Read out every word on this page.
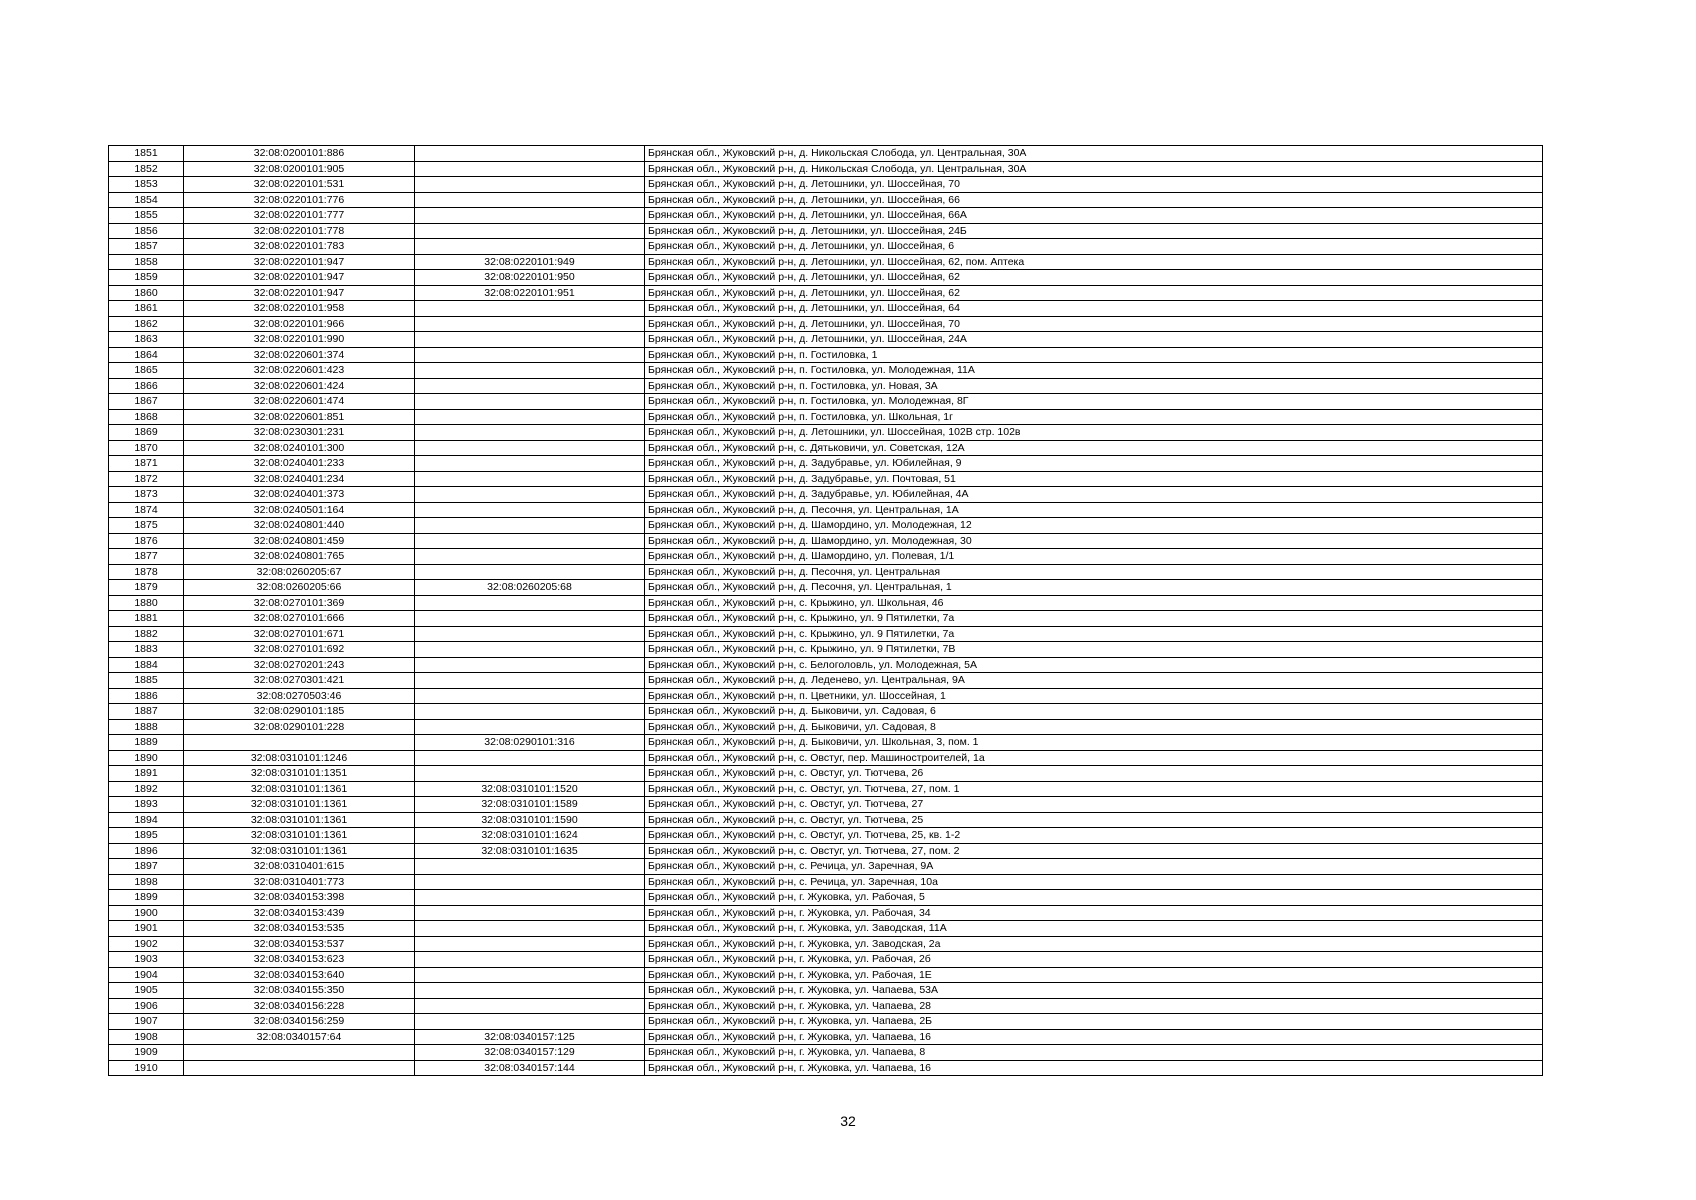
1851	32:08:0200101:886		Брянская обл., Жуковский р-н, д. Никольская Слобода, ул. Центральная, 30А
1852	32:08:0200101:905		Брянская обл., Жуковский р-н, д. Никольская Слобода, ул. Центральная, 30А
1853	32:08:0220101:531		Брянская обл., Жуковский р-н, д. Летошники, ул. Шоссейная, 70
1854	32:08:0220101:776		Брянская обл., Жуковский р-н, д. Летошники, ул. Шоссейная, 66
1855	32:08:0220101:777		Брянская обл., Жуковский р-н, д. Летошники, ул. Шоссейная, 66А
1856	32:08:0220101:778		Брянская обл., Жуковский р-н, д. Летошники, ул. Шоссейная, 24Б
1857	32:08:0220101:783		Брянская обл., Жуковский р-н, д. Летошники, ул. Шоссейная, 6
1858	32:08:0220101:947	32:08:0220101:949	Брянская обл., Жуковский р-н, д. Летошники, ул. Шоссейная, 62, пом. Аптека
1859	32:08:0220101:947	32:08:0220101:950	Брянская обл., Жуковский р-н, д. Летошники, ул. Шоссейная, 62
1860	32:08:0220101:947	32:08:0220101:951	Брянская обл., Жуковский р-н, д. Летошники, ул. Шоссейная, 62
1861	32:08:0220101:958		Брянская обл., Жуковский р-н, д. Летошники, ул. Шоссейная, 64
1862	32:08:0220101:966		Брянская обл., Жуковский р-н, д. Летошники, ул. Шоссейная, 70
1863	32:08:0220101:990		Брянская обл., Жуковский р-н, д. Летошники, ул. Шоссейная, 24А
1864	32:08:0220601:374		Брянская обл., Жуковский р-н, п. Гостиловка, 1
1865	32:08:0220601:423		Брянская обл., Жуковский р-н, п. Гостиловка, ул. Молодежная, 11А
1866	32:08:0220601:424		Брянская обл., Жуковский р-н, п. Гостиловка, ул. Новая, 3А
1867	32:08:0220601:474		Брянская обл., Жуковский р-н, п. Гостиловка, ул. Молодежная, 8Г
1868	32:08:0220601:851		Брянская обл., Жуковский р-н, п. Гостиловка, ул. Школьная, 1г
1869	32:08:0230301:231		Брянская обл., Жуковский р-н, д. Летошники, ул. Шоссейная, 102В стр. 102в
1870	32:08:0240101:300		Брянская обл., Жуковский р-н, с. Дятьковичи, ул. Советская, 12А
1871	32:08:0240401:233		Брянская обл., Жуковский р-н, д. Задубравье, ул. Юбилейная, 9
1872	32:08:0240401:234		Брянская обл., Жуковский р-н, д. Задубравье, ул. Почтовая, 51
1873	32:08:0240401:373		Брянская обл., Жуковский р-н, д. Задубравье, ул. Юбилейная, 4А
1874	32:08:0240501:164		Брянская обл., Жуковский р-н, д. Песочня, ул. Центральная, 1А
1875	32:08:0240801:440		Брянская обл., Жуковский р-н, д. Шамордино, ул. Молодежная, 12
1876	32:08:0240801:459		Брянская обл., Жуковский р-н, д. Шамордино, ул. Молодежная, 30
1877	32:08:0240801:765		Брянская обл., Жуковский р-н, д. Шамордино, ул. Полевая, 1/1
1878	32:08:0260205:67		Брянская обл., Жуковский р-н, д. Песочня, ул. Центральная
1879	32:08:0260205:66	32:08:0260205:68	Брянская обл., Жуковский р-н, д. Песочня, ул. Центральная, 1
1880	32:08:0270101:369		Брянская обл., Жуковский р-н, с. Крыжино, ул. Школьная, 46
1881	32:08:0270101:666		Брянская обл., Жуковский р-н, с. Крыжино, ул. 9 Пятилетки, 7а
1882	32:08:0270101:671		Брянская обл., Жуковский р-н, с. Крыжино, ул. 9 Пятилетки, 7а
1883	32:08:0270101:692		Брянская обл., Жуковский р-н, с. Крыжино, ул. 9 Пятилетки, 7В
1884	32:08:0270201:243		Брянская обл., Жуковский р-н, с. Белоголовль, ул. Молодежная, 5А
1885	32:08:0270301:421		Брянская обл., Жуковский р-н, д. Леденево, ул. Центральная, 9А
1886	32:08:0270503:46		Брянская обл., Жуковский р-н, п. Цветники, ул. Шоссейная, 1
1887	32:08:0290101:185		Брянская обл., Жуковский р-н, д. Быковичи, ул. Садовая, 6
1888	32:08:0290101:228		Брянская обл., Жуковский р-н, д. Быковичи, ул. Садовая, 8
1889		32:08:0290101:316	Брянская обл., Жуковский р-н, д. Быковичи, ул. Школьная, 3, пом. 1
1890	32:08:0310101:1246		Брянская обл., Жуковский р-н, с. Овстуг, пер. Машиностроителей, 1а
1891	32:08:0310101:1351		Брянская обл., Жуковский р-н, с. Овстуг, ул. Тютчева, 26
1892	32:08:0310101:1361	32:08:0310101:1520	Брянская обл., Жуковский р-н, с. Овстуг, ул. Тютчева, 27, пом. 1
1893	32:08:0310101:1361	32:08:0310101:1589	Брянская обл., Жуковский р-н, с. Овстуг, ул. Тютчева, 27
1894	32:08:0310101:1361	32:08:0310101:1590	Брянская обл., Жуковский р-н, с. Овстуг, ул. Тютчева, 25
1895	32:08:0310101:1361	32:08:0310101:1624	Брянская обл., Жуковский р-н, с. Овстуг, ул. Тютчева, 25, кв. 1-2
1896	32:08:0310101:1361	32:08:0310101:1635	Брянская обл., Жуковский р-н, с. Овстуг, ул. Тютчева, 27, пом. 2
1897	32:08:0310401:615		Брянская обл., Жуковский р-н, с. Речица, ул. Заречная, 9А
1898	32:08:0310401:773		Брянская обл., Жуковский р-н, с. Речица, ул. Заречная, 10а
1899	32:08:0340153:398		Брянская обл., Жуковский р-н, г. Жуковка, ул. Рабочая, 5
1900	32:08:0340153:439		Брянская обл., Жуковский р-н, г. Жуковка, ул. Рабочая, 34
1901	32:08:0340153:535		Брянская обл., Жуковский р-н, г. Жуковка, ул. Заводская, 11А
1902	32:08:0340153:537		Брянская обл., Жуковский р-н, г. Жуковка, ул. Заводская, 2а
1903	32:08:0340153:623		Брянская обл., Жуковский р-н, г. Жуковка, ул. Рабочая, 2б
1904	32:08:0340153:640		Брянская обл., Жуковский р-н, г. Жуковка, ул. Рабочая, 1Е
1905	32:08:0340155:350		Брянская обл., Жуковский р-н, г. Жуковка, ул. Чапаева, 53А
1906	32:08:0340156:228		Брянская обл., Жуковский р-н, г. Жуковка, ул. Чапаева, 28
1907	32:08:0340156:259		Брянская обл., Жуковский р-н, г. Жуковка, ул. Чапаева, 2Б
1908	32:08:0340157:64	32:08:0340157:125	Брянская обл., Жуковский р-н, г. Жуковка, ул. Чапаева, 16
1909		32:08:0340157:129	Брянская обл., Жуковский р-н, г. Жуковка, ул. Чапаева, 8
1910		32:08:0340157:144	Брянская обл., Жуковский р-н, г. Жуковка, ул. Чапаева, 16
32
